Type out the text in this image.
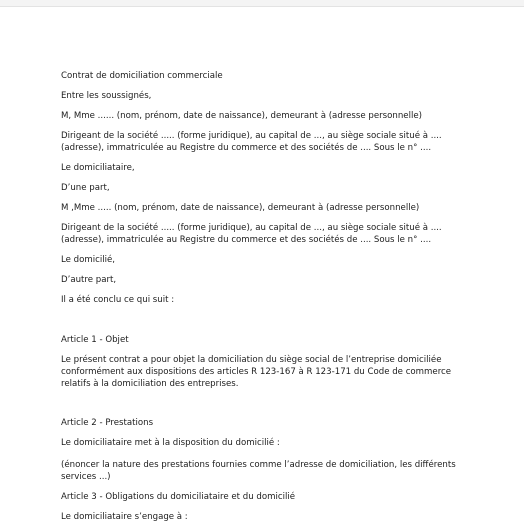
Contrat de domiciliation commerciale

Entre les soussignés,

M, Mme ...... (nom, prénom, date de naissance), demeurant à (adresse personnelle)

Dirigeant de la société ..... (forme juridique), au capital de ..., au siège sociale situé à .... (adresse), immatriculée au Registre du commerce et des sociétés de .... Sous le n° ....

Le domiciliataire,

D’une part,

M ,Mme ..... (nom, prénom, date de naissance), demeurant à (adresse personnelle)

Dirigeant de la société ..... (forme juridique), au capital de ..., au siège sociale situé à .... (adresse), immatriculée au Registre du commerce et des sociétés de .... Sous le n° ....

Le domicilié,

D’autre part,

Il a été conclu ce qui suit :

Article 1 - Objet

Le présent contrat a pour objet la domiciliation du siège social de l’entreprise domiciliée conformément aux dispositions des articles R 123-167 à R 123-171 du Code de commerce relatifs à la domiciliation des entreprises.

Article 2 - Prestations

Le domiciliataire met à la disposition du domicilié :

(énoncer la nature des prestations fournies comme l’adresse de domiciliation, les différents services ...)

Article 3 - Obligations du domiciliataire et du domicilié

Le domiciliataire s’engage à :
